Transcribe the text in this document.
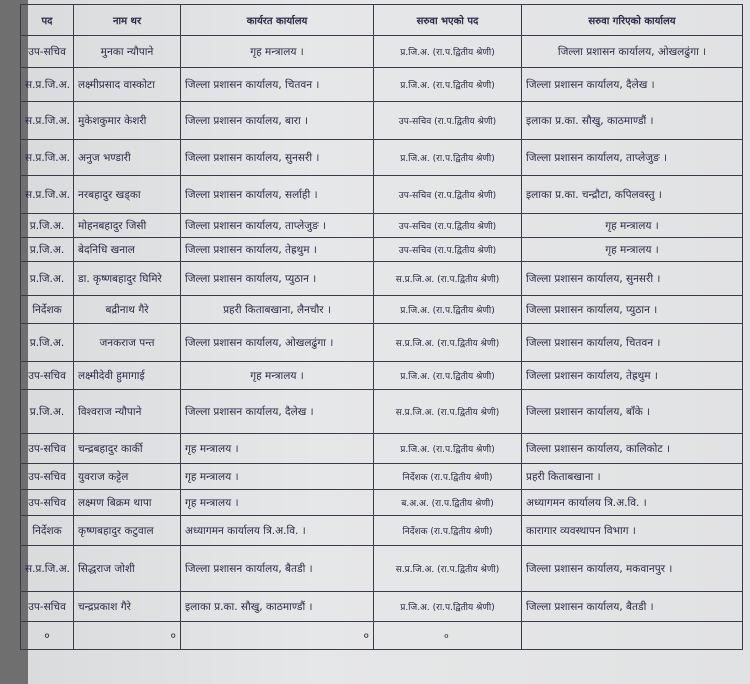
पद	नाम थर	कार्यरत कार्यालय	सरुवा भएको पद	सरुवा गरिएको कार्यालय
उप-सचिव	मुनका न्यौपाने	गृह मन्त्रालय ।	प्र.जि.अ. (रा.प.द्वितीय श्रेणी)	जिल्ला प्रशासन कार्यालय, ओखलढुंगा ।
स.प्र.जि.अ.	लक्ष्मीप्रसाद वास्कोटा	जिल्ला प्रशासन कार्यालय, चितवन ।	प्र.जि.अ. (रा.प.द्वितीय श्रेणी)	जिल्ला प्रशासन कार्यालय, दैलेख ।
स.प्र.जि.अ.	मुकेशकुमार केशरी	जिल्ला प्रशासन कार्यालय, बारा ।	उप-सचिव (रा.प.द्वितीय श्रेणी)	इलाका प्र.का. सौखु, काठमाण्डौं ।
स.प्र.जि.अ.	अनुज भण्डारी	जिल्ला प्रशासन कार्यालय, सुनसरी ।	प्र.जि.अ. (रा.प.द्वितीय श्रेणी)	जिल्ला प्रशासन कार्यालय, ताप्लेजुङ ।
स.प्र.जि.अ.	नरबहादुर खड्का	जिल्ला प्रशासन कार्यालय, सर्लाही ।	उप-सचिव (रा.प.द्वितीय श्रेणी)	इलाका प्र.का. चन्द्रौटा, कपिलवस्तु ।
प्र.जि.अ.	मोहनबहादुर जिसी	जिल्ला प्रशासन कार्यालय, ताप्लेजुङ ।	उप-सचिव (रा.प.द्वितीय श्रेणी)	गृह मन्त्रालय ।
प्र.जि.अ.	बेदनिधि खनाल	जिल्ला प्रशासन कार्यालय, तेह्रथुम ।	उप-सचिव (रा.प.द्वितीय श्रेणी)	गृह मन्त्रालय ।
प्र.जि.अ.	डा. कृष्णबहादुर घिमिरे	जिल्ला प्रशासन कार्यालय, प्युठान ।	स.प्र.जि.अ. (रा.प.द्वितीय श्रेणी)	जिल्ला प्रशासन कार्यालय, सुनसरी ।
निर्देशक	बद्रीनाथ गैरे	प्रहरी किताबखाना, लैनचौर ।	प्र.जि.अ. (रा.प.द्वितीय श्रेणी)	जिल्ला प्रशासन कार्यालय, प्युठान ।
प्र.जि.अ.	जनकराज पन्त	जिल्ला प्रशासन कार्यालय, ओखलढुंगा ।	स.प्र.जि.अ. (रा.प.द्वितीय श्रेणी)	जिल्ला प्रशासन कार्यालय, चितवन ।
उप-सचिव	लक्ष्मीदेवी हुमागाई	गृह मन्त्रालय ।	प्र.जि.अ. (रा.प.द्वितीय श्रेणी)	जिल्ला प्रशासन कार्यालय, तेह्रथुम ।
प्र.जि.अ.	विश्वराज न्यौपाने	जिल्ला प्रशासन कार्यालय, दैलेख ।	स.प्र.जि.अ. (रा.प.द्वितीय श्रेणी)	जिल्ला प्रशासन कार्यालय, बाँके ।
उप-सचिव	चन्द्रबहादुर कार्की	गृह मन्त्रालय ।	प्र.जि.अ. (रा.प.द्वितीय श्रेणी)	जिल्ला प्रशासन कार्यालय, कालिकोट ।
उप-सचिव	युवराज कट्टेल	गृह मन्त्रालय ।	निर्देशक (रा.प.द्वितीय श्रेणी)	प्रहरी किताबखाना ।
उप-सचिव	लक्ष्मण बिक्रम थापा	गृह मन्त्रालय ।	ब.अ.अ. (रा.प.द्वितीय श्रेणी)	अध्यागमन कार्यालय त्रि.अ.वि. ।
निर्देशक	कृष्णबहादुर कटुवाल	अध्यागमन कार्यालय त्रि.अ.वि. ।	निर्देशक (रा.प.द्वितीय श्रेणी)	कारागार व्यवस्थापन विभाग ।
स.प्र.जि.अ.	सिद्धराज जोशी	जिल्ला प्रशासन कार्यालय, बैतडी ।	स.प्र.जि.अ. (रा.प.द्वितीय श्रेणी)	जिल्ला प्रशासन कार्यालय, मकवानपुर ।
उप-सचिव	चन्द्रप्रकाश गैरे	इलाका प्र.का. सौखु, काठमाण्डौं ।	प्र.जि.अ. (रा.प.द्वितीय श्रेणी)	जिल्ला प्रशासन कार्यालय, बैतडी ।
०	०	०	०	
